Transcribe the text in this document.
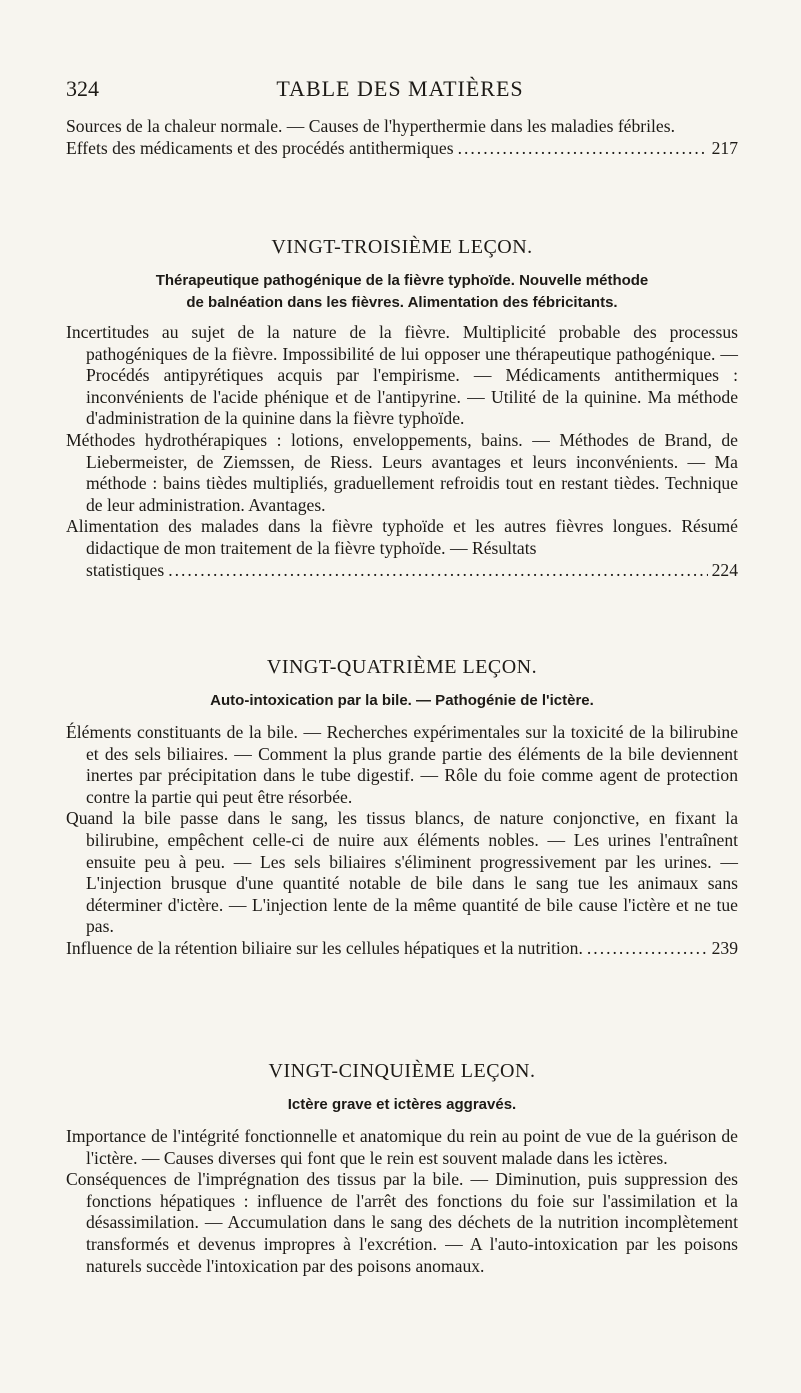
324	TABLE DES MATIÈRES

Sources de la chaleur normale. — Causes de l'hyperthermie dans les maladies fébriles.

Effets des médicaments et des procédés antithermiques .....	217
VINGT-TROISIÈME LEÇON.
Thérapeutique pathogénique de la fièvre typhoïde. Nouvelle méthode
de balnéation dans les fièvres. Alimentation des fébricitants.

Incertitudes au sujet de la nature de la fièvre. Multiplicité probable des processus pathogéniques de la fièvre. Impossibilité de lui opposer une thérapeutique pathogénique. — Procédés antipyrétiques acquis par l'empirisme. — Médicaments antithermiques : inconvénients de l'acide phénique et de l'antipyrine. — Utilité de la quinine. Ma méthode d'administration de la quinine dans la fièvre typhoïde.

Méthodes hydrothérapiques : lotions, enveloppements, bains. — Méthodes de Brand, de Liebermeister, de Ziemssen, de Riess. Leurs avantages et leurs inconvénients. — Ma méthode : bains tièdes multipliés, graduellement refroidis tout en restant tièdes. Technique de leur administration. Avantages.

Alimentation des malades dans la fièvre typhoïde et les autres fièvres longues. Résumé didactique de mon traitement de la fièvre typhoïde. — Résultats

statistiques .....	224
VINGT-QUATRIÈME LEÇON.
Auto-intoxication par la bile. — Pathogénie de l'ictère.

Éléments constituants de la bile. — Recherches expérimentales sur la toxicité de la bilirubine et des sels biliaires. — Comment la plus grande partie des éléments de la bile deviennent inertes par précipitation dans le tube digestif. — Rôle du foie comme agent de protection contre la partie qui peut être résorbée.

Quand la bile passe dans le sang, les tissus blancs, de nature conjonctive, en fixant la bilirubine, empêchent celle-ci de nuire aux éléments nobles. — Les urines l'entraînent ensuite peu à peu. — Les sels biliaires s'éliminent progressivement par les urines. — L'injection brusque d'une quantité notable de bile dans le sang tue les animaux sans déterminer d'ictère. — L'injection lente de la même quantité de bile cause l'ictère et ne tue pas.

Influence de la rétention biliaire sur les cellules hépatiques et la nutrition. .....	239
VINGT-CINQUIÈME LEÇON.
Ictère grave et ictères aggravés.

Importance de l'intégrité fonctionnelle et anatomique du rein au point de vue de la guérison de l'ictère. — Causes diverses qui font que le rein est souvent malade dans les ictères.

Conséquences de l'imprégnation des tissus par la bile. — Diminution, puis suppression des fonctions hépatiques : influence de l'arrêt des fonctions du foie sur l'assimilation et la désassimilation. — Accumulation dans le sang des déchets de la nutrition incomplètement transformés et devenus impropres à l'excrétion. — A l'auto-intoxication par les poisons naturels succède l'intoxication par des poisons anomaux.
